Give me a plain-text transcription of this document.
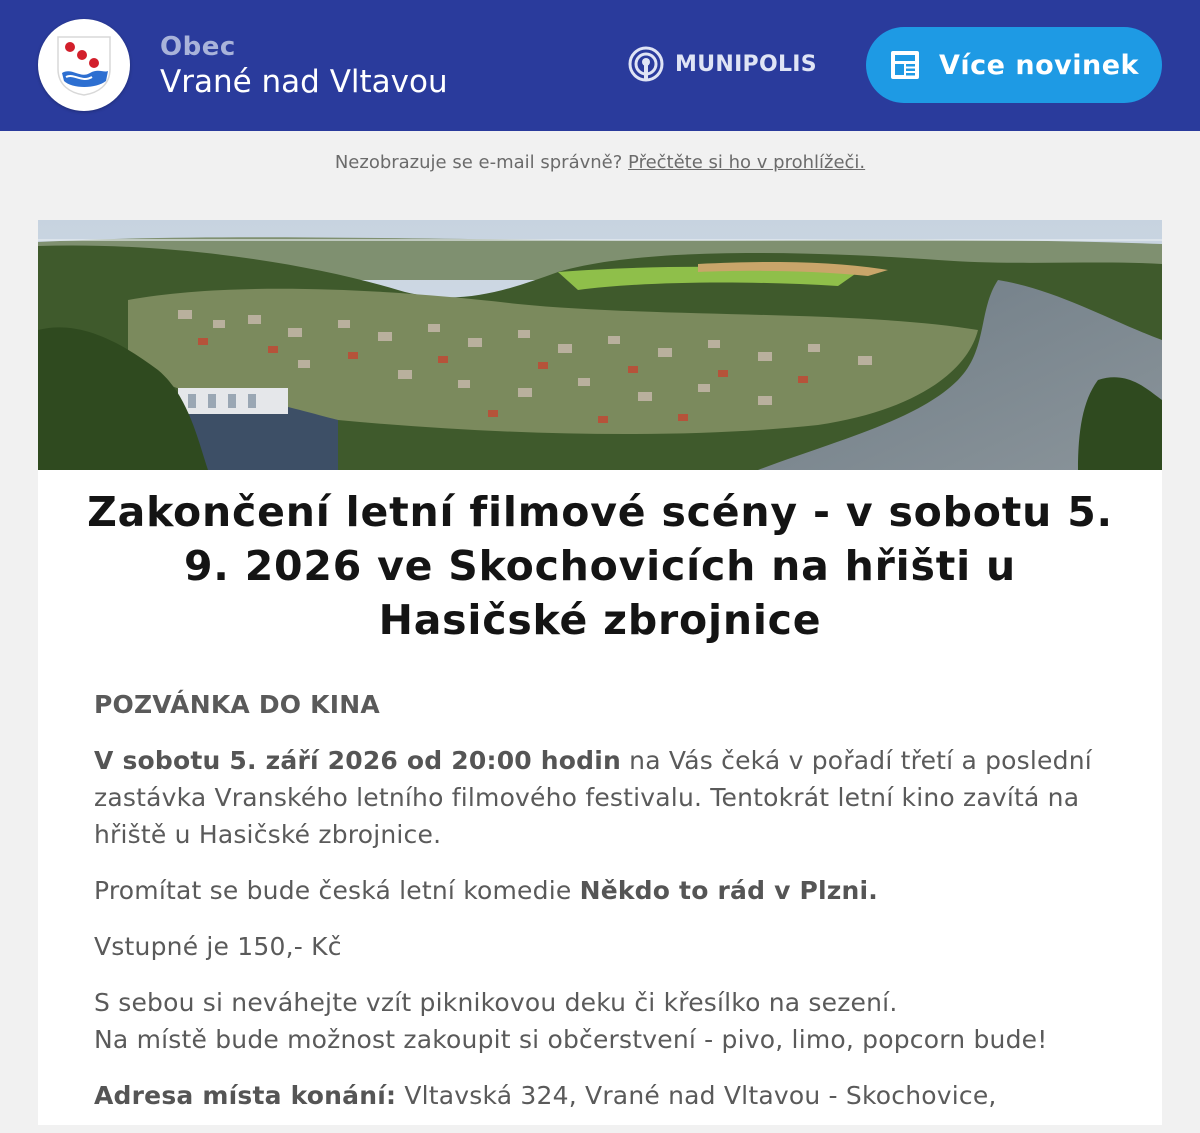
Obec
Vrané nad Vltavou	MUNIPOLIS	Více novinek
Nezobrazuje se e-mail správně? Přečtěte si ho v prohlížeči.
Zakončení letní filmové scény - v sobotu 5. 9. 2026 ve Skochovicích na hřišti u Hasičské zbrojnice

POZVÁNKA DO KINA

V sobotu 5. září 2026 od 20:00 hodin na Vás čeká v pořadí třetí a poslední zastávka Vranského letního filmového festivalu. Tentokrát letní kino zavítá na hřiště u Hasičské zbrojnice.

Promítat se bude česká letní komedie Někdo to rád v Plzni.

Vstupné je 150,- Kč

S sebou si neváhejte vzít piknikovou deku či křesílko na sezení.
Na místě bude možnost zakoupit si občerstvení - pivo, limo, popcorn bude!

Adresa místa konání: Vltavská 324, Vrané nad Vltavou - Skochovice,
